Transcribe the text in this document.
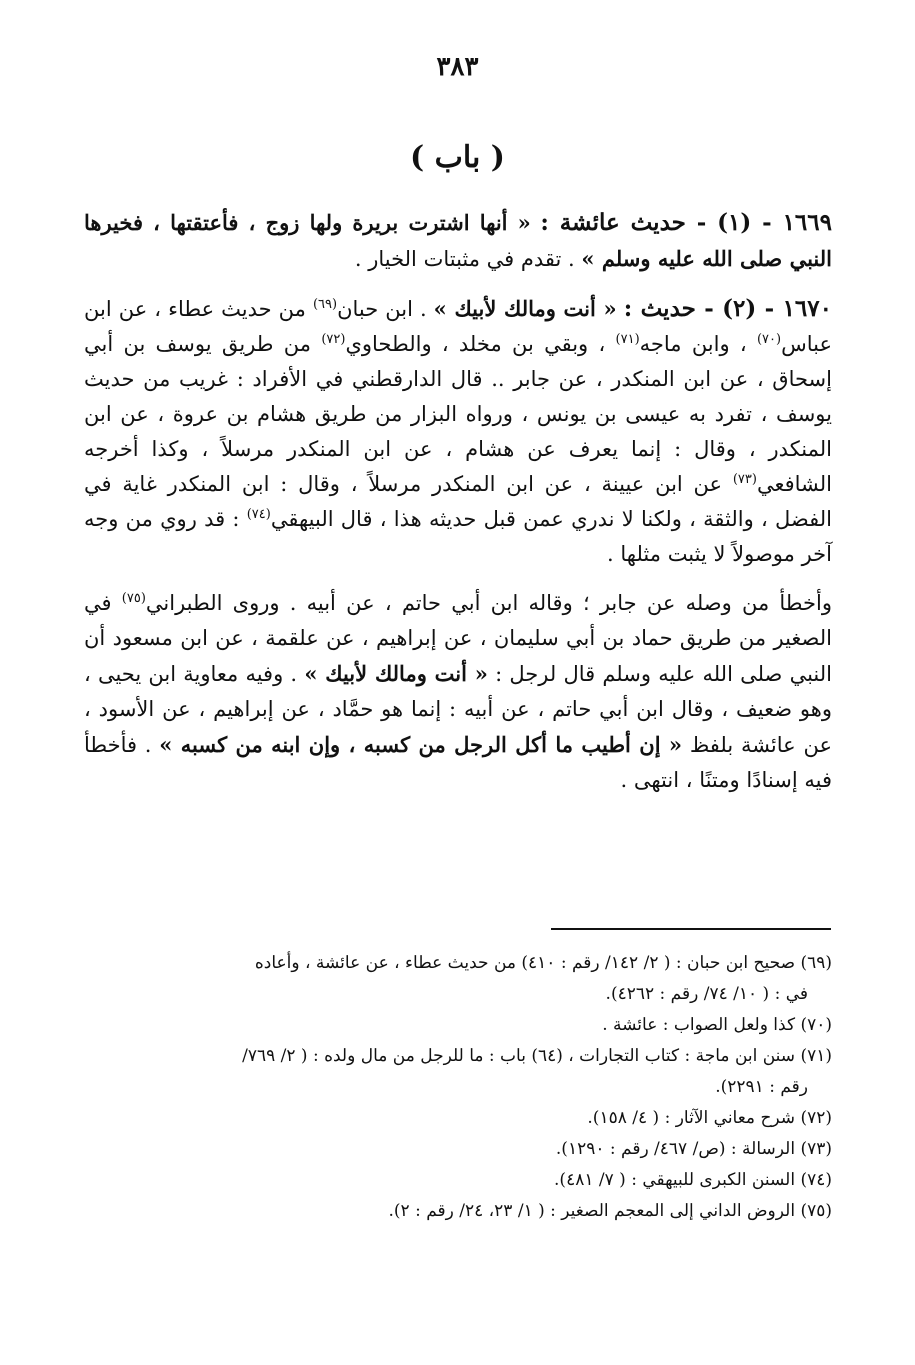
٣٨٣
( باب )

١٦٦٩ - (١) - حديث عائشة : « أنها اشترت بريرة ولها زوج ، فأعتقتها ، فخيرها النبي صلى الله عليه وسلم » . تقدم في مثبتات الخيار .

١٦٧٠ - (٢) - حديث : « أنت ومالك لأبيك » . ابن حبان$^{(٦٩)}$ من حديث عطاء ، عن ابن عباس$^{(٧٠)}$ ، وابن ماجه$^{(٧١)}$ ، وبقي بن مخلد ، والطحاوي$^{(٧٢)}$ من طريق يوسف بن أبي إسحاق ، عن ابن المنكدر ، عن جابر .. قال الدارقطني في الأفراد : غريب من حديث يوسف ، تفرد به عيسى بن يونس ، ورواه البزار من طريق هشام بن عروة ، عن ابن المنكدر ، وقال : إنما يعرف عن هشام ، عن ابن المنكدر مرسلاً ، وكذا أخرجه الشافعي$^{(٧٣)}$ عن ابن عيينة ، عن ابن المنكدر مرسلاً ، وقال : ابن المنكدر غاية في الفضل ، والثقة ، ولكنا لا ندري عمن قبل حديثه هذا ، قال البيهقي$^{(٧٤)}$ : قد روي من وجه آخر موصولاً لا يثبت مثلها .

وأخطأ من وصله عن جابر ؛ وقاله ابن أبي حاتم ، عن أبيه . وروى الطبراني$^{(٧٥)}$ في الصغير من طريق حماد بن أبي سليمان ، عن إبراهيم ، عن علقمة ، عن ابن مسعود أن النبي صلى الله عليه وسلم قال لرجل : « أنت ومالك لأبيك » . وفيه معاوية ابن يحيى ، وهو ضعيف ، وقال ابن أبي حاتم ، عن أبيه : إنما هو حمَّاد ، عن إبراهيم ، عن الأسود ، عن عائشة بلفظ « إن أطيب ما أكل الرجل من كسبه ، وإن ابنه من كسبه » . فأخطأ فيه إسنادًا ومتنًا ، انتهى .

(٦٩) صحيح ابن حبان : ( ٢/ ١٤٢/ رقم : ٤١٠) من حديث عطاء ، عن عائشة ، وأعاده
في : ( ١٠/ ٧٤/ رقم : ٤٢٦٢).

(٧٠) كذا ولعل الصواب : عائشة .

(٧١) سنن ابن ماجة : كتاب التجارات ، (٦٤) باب : ما للرجل من مال ولده : ( ٢/ ٧٦٩/
رقم : ٢٢٩١).

(٧٢) شرح معاني الآثار : ( ٤/ ١٥٨).

(٧٣) الرسالة : (ص/ ٤٦٧/ رقم : ١٢٩٠).

(٧٤) السنن الكبرى للبيهقي : ( ٧/ ٤٨١).

(٧٥) الروض الداني إلى المعجم الصغير : ( ١/ ٢٣، ٢٤/ رقم : ٢).
